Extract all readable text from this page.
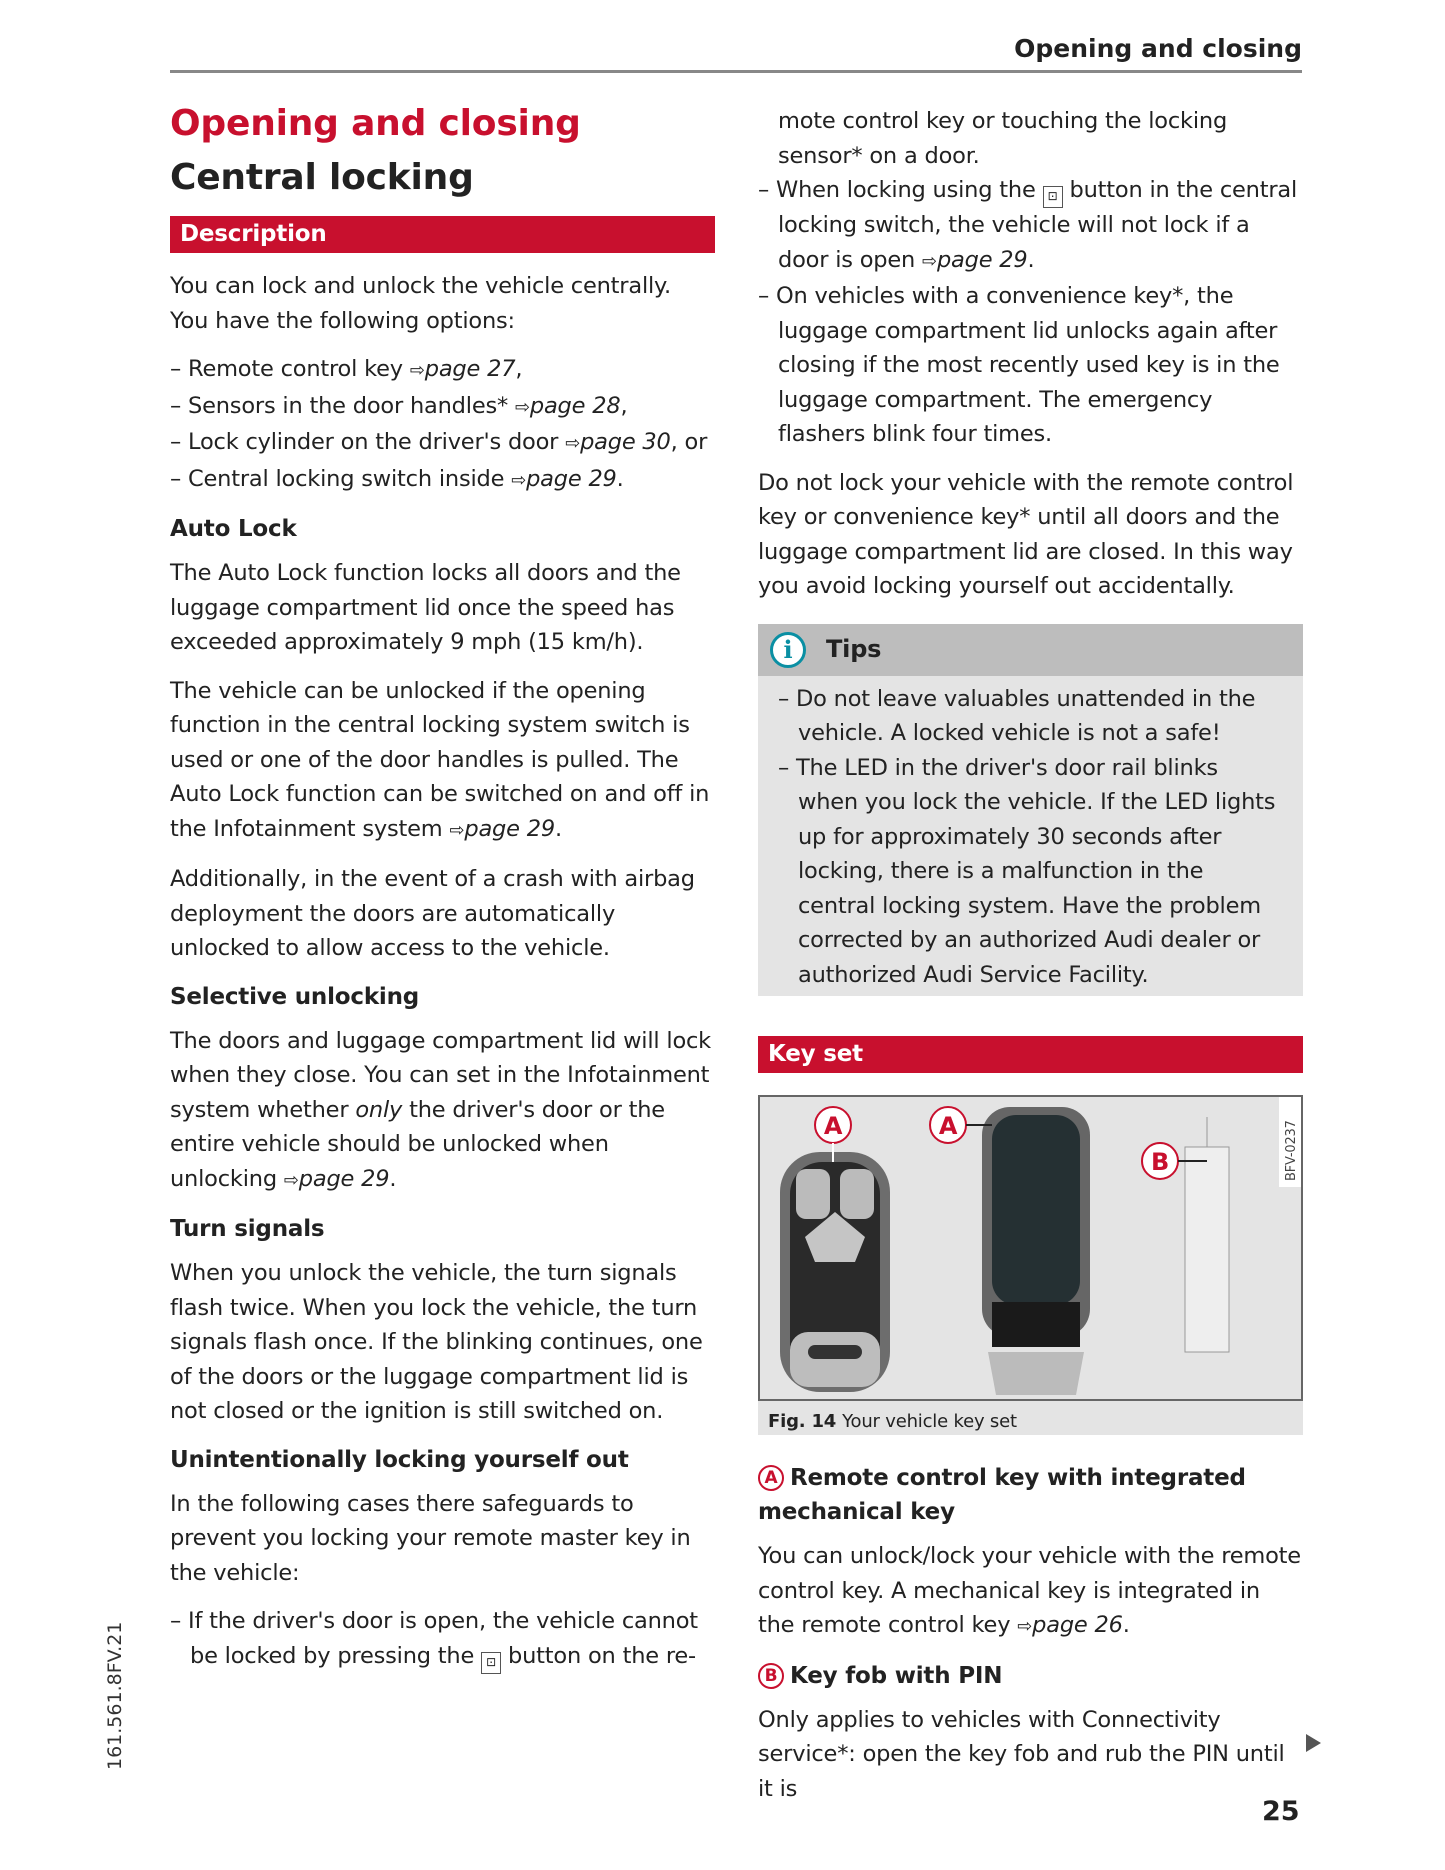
Opening and closing
Opening and closing
Central locking
Description

You can lock and unlock the vehicle centrally. You have the following options:

– Remote control key ⇨page 27,
– Sensors in the door handles* ⇨page 28,
– Lock cylinder on the driver's door ⇨page 30, or
– Central locking switch inside ⇨page 29.
Auto Lock

The Auto Lock function locks all doors and the luggage compartment lid once the speed has exceeded approximately 9 mph (15 km/h).

The vehicle can be unlocked if the opening function in the central locking system switch is used or one of the door handles is pulled. The Auto Lock function can be switched on and off in the Infotainment system ⇨page 29.

Additionally, in the event of a crash with airbag deployment the doors are automatically unlocked to allow access to the vehicle.

Selective unlocking

The doors and luggage compartment lid will lock when they close. You can set in the Infotainment system whether only the driver's door or the entire vehicle should be unlocked when unlocking ⇨page 29.

Turn signals

When you unlock the vehicle, the turn signals flash twice. When you lock the vehicle, the turn signals flash once. If the blinking continues, one of the doors or the luggage compartment lid is not closed or the ignition is still switched on.

Unintentionally locking yourself out

In the following cases there safeguards to prevent you locking your remote master key in the vehicle:

– If the driver's door is open, the vehicle cannot be locked by pressing the ⊡ button on the re-
mote control key or touching the locking sensor* on a door.
– When locking using the ⊡ button in the central locking switch, the vehicle will not lock if a door is open ⇨page 29.
– On vehicles with a convenience key*, the luggage compartment lid unlocks again after closing if the most recently used key is in the luggage compartment. The emergency flashers blink four times.

Do not lock your vehicle with the remote control key or convenience key* until all doors and the luggage compartment lid are closed. In this way you avoid locking yourself out accidentally.

i	Tips
– Do not leave valuables unattended in the vehicle. A locked vehicle is not a safe!
– The LED in the driver's door rail blinks when you lock the vehicle. If the LED lights up for approximately 30 seconds after locking, there is a malfunction in the central locking system. Have the problem corrected by an authorized Audi dealer or authorized Audi Service Facility.
Key set
A	A
B	BFV-0237
Fig. 14 Your vehicle key set
A Remote control key with integrated mechanical key

You can unlock/lock your vehicle with the remote control key. A mechanical key is integrated in the remote control key ⇨page 26.

B Key fob with PIN

Only applies to vehicles with Connectivity service*: open the key fob and rub the PIN until it is

161.561.8FV.21
25
